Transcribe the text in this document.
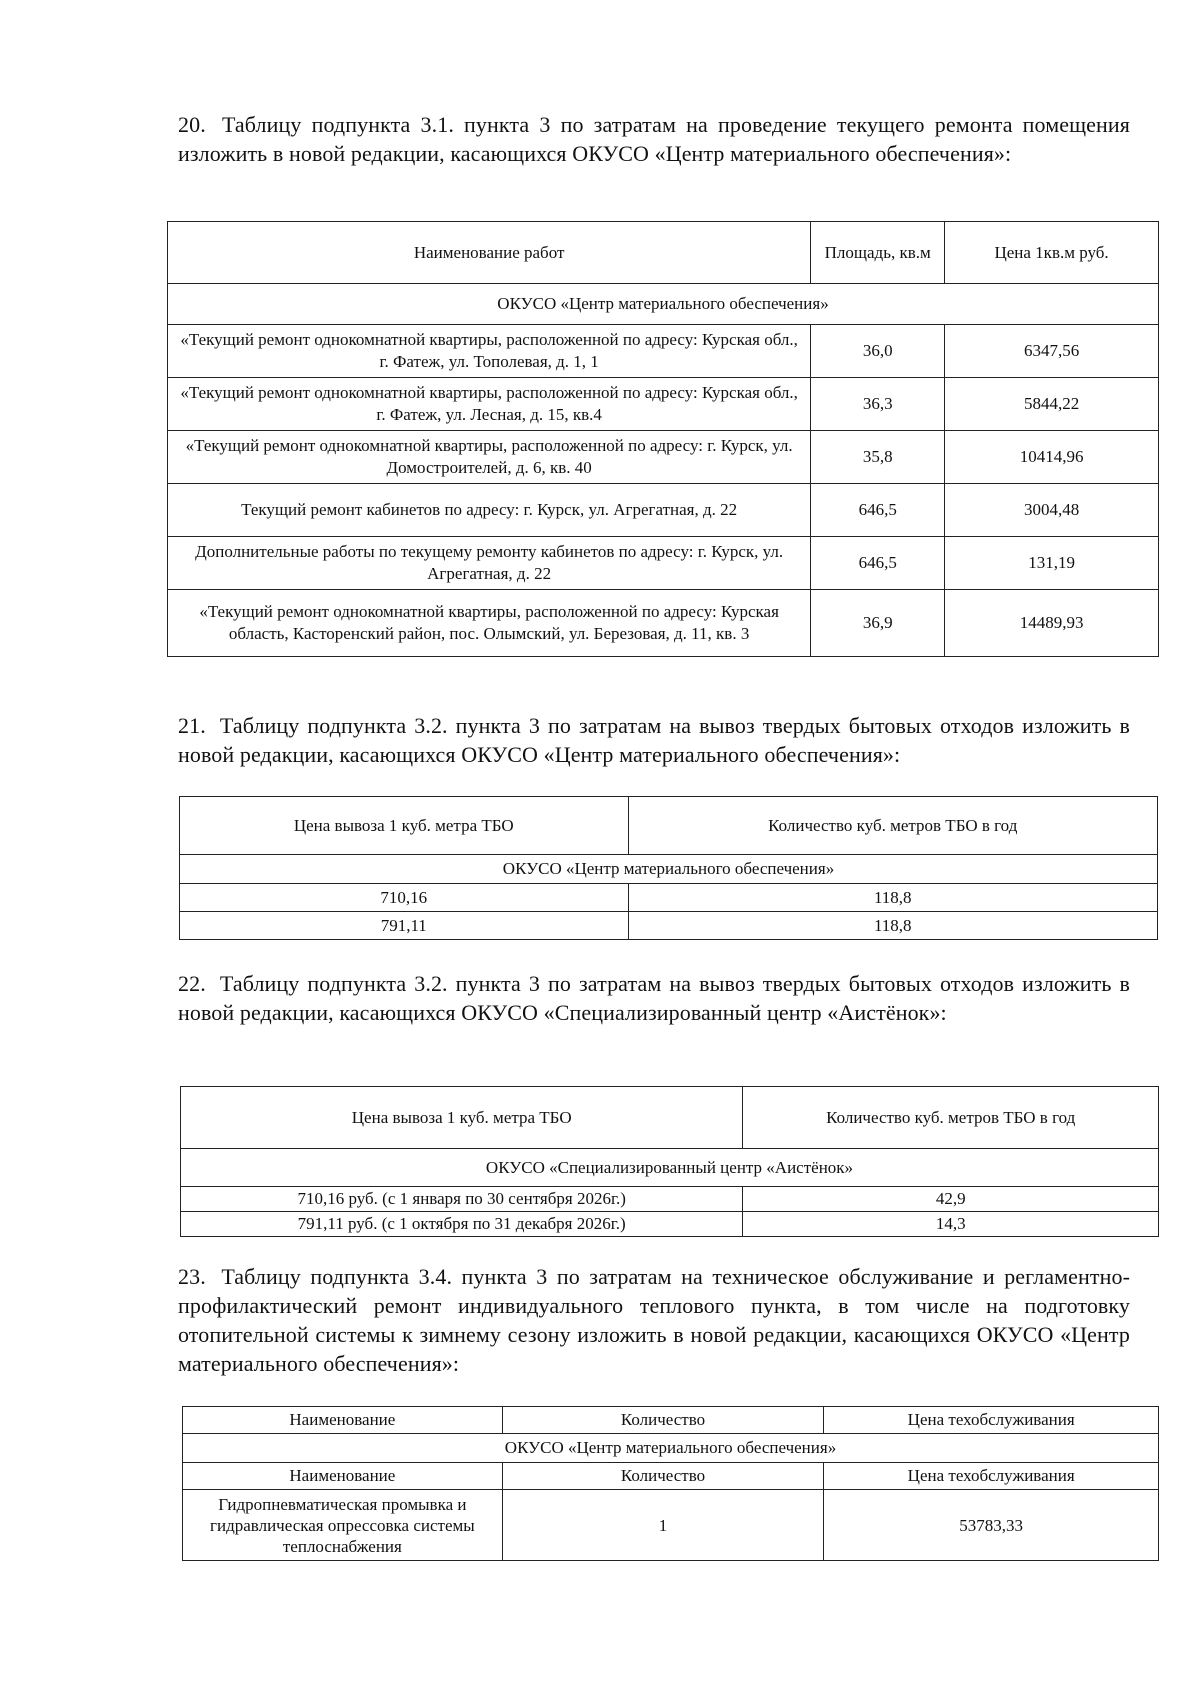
20. Таблицу подпункта 3.1. пункта 3 по затратам на проведение текущего ремонта помещения изложить в новой редакции, касающихся ОКУСО «Центр материального обеспечения»:
Наименование работ	Площадь, кв.м	Цена 1кв.м руб.
ОКУСО «Центр материального обеспечения»		
«Текущий ремонт однокомнатной квартиры, расположенной по адресу: Курская обл., г. Фатеж, ул. Тополевая, д. 1, 1	36,0	6347,56
«Текущий ремонт однокомнатной квартиры, расположенной по адресу: Курская обл., г. Фатеж, ул. Лесная, д. 15, кв.4	36,3	5844,22
«Текущий ремонт однокомнатной квартиры, расположенной по адресу: г. Курск, ул. Домостроителей, д. 6, кв. 40	35,8	10414,96
Текущий ремонт кабинетов по адресу: г. Курск, ул. Агрегатная, д. 22	646,5	3004,48
Дополнительные работы по текущему ремонту кабинетов по адресу: г. Курск, ул. Агрегатная, д. 22	646,5	131,19
«Текущий ремонт однокомнатной квартиры, расположенной по адресу: Курская область, Касторенский район, пос. Олымский, ул. Березовая, д. 11, кв. 3	36,9	14489,93
21. Таблицу подпункта 3.2. пункта 3 по затратам на вывоз твердых бытовых отходов изложить в новой редакции, касающихся ОКУСО «Центр материального обеспечения»:
Цена вывоза 1 куб. метра ТБО	Количество куб. метров ТБО в год
ОКУСО «Центр материального обеспечения»	
710,16	118,8
791,11	118,8
22. Таблицу подпункта 3.2. пункта 3 по затратам на вывоз твердых бытовых отходов изложить в новой редакции, касающихся ОКУСО «Специализированный центр «Аистёнок»:
Цена вывоза 1 куб. метра ТБО	Количество куб. метров ТБО в год
ОКУСО «Специализированный центр «Аистёнок»	
710,16 руб. (с 1 января по 30 сентября 2026г.)	42,9
791,11 руб. (с 1 октября по 31 декабря 2026г.)	14,3
23. Таблицу подпункта 3.4. пункта 3 по затратам на техническое обслуживание и регламентно-профилактический ремонт индивидуального теплового пункта, в том числе на подготовку отопительной системы к зимнему сезону изложить в новой редакции, касающихся ОКУСО «Центр материального обеспечения»:
Наименование	Количество	Цена техобслуживания
ОКУСО «Центр материального обеспечения»		
Наименование	Количество	Цена техобслуживания
Гидропневматическая промывка и гидравлическая опрессовка системы теплоснабжения	1	53783,33
